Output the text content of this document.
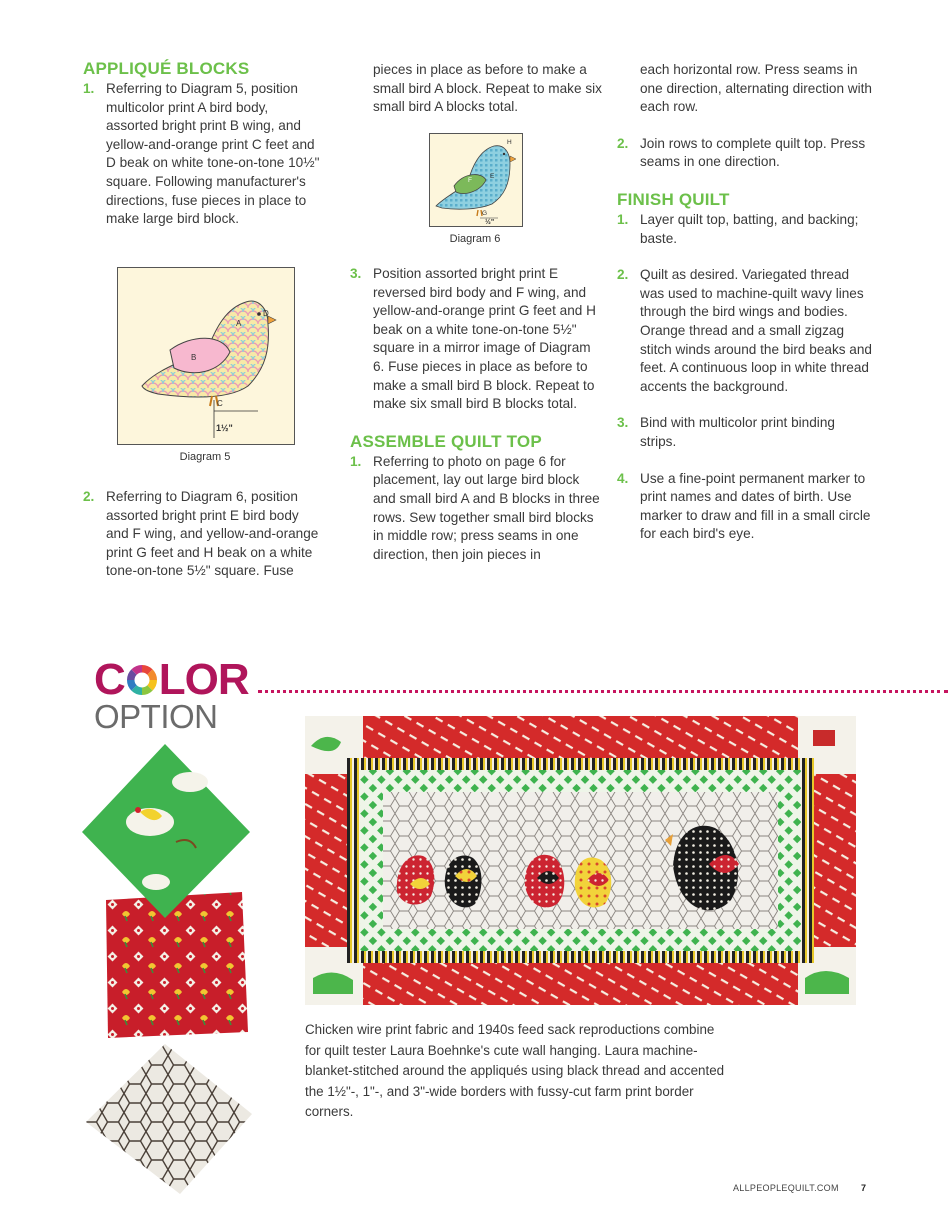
APPLIQUÉ BLOCKS
1. Referring to Diagram 5, position multicolor print A bird body, assorted bright print B wing, and yellow-and-orange print C feet and D beak on white tone-on-tone 10½" square. Following manufacturer's directions, fuse pieces in place to make large bird block.
A
B
C
D
1½"
Diagram 5
2. Referring to Diagram 6, position assorted bright print E bird body and F wing, and yellow-and-orange print G feet and H beak on a white tone-on-tone 5½" square. Fuse
pieces in place as before to make a small bird A block. Repeat to make six small bird A blocks total.
F
E
G
H
½"
Diagram 6
3. Position assorted bright print E reversed bird body and F wing, and yellow-and-orange print G feet and H beak on a white tone-on-tone 5½" square in a mirror image of Diagram 6. Fuse pieces in place as before to make a small bird B block. Repeat to make six small bird B blocks total.
ASSEMBLE QUILT TOP
1. Referring to photo on page 6 for placement, lay out large bird block and small bird A and B blocks in three rows. Sew together small bird blocks in middle row; press seams in one direction, then join pieces in
each horizontal row. Press seams in one direction, alternating direction with each row.
2. Join rows to complete quilt top. Press seams in one direction.
FINISH QUILT
1. Layer quilt top, batting, and backing; baste.
2. Quilt as desired. Variegated thread was used to machine-quilt wavy lines through the bird wings and bodies. Orange thread and a small zigzag stitch winds around the bird beaks and feet. A continuous loop in white thread accents the background.
3. Bind with multicolor print binding strips.
4. Use a fine-point permanent marker to print names and dates of birth. Use marker to draw and fill in a small circle for each bird's eye.
C LOR
OPTION
Chicken wire print fabric and 1940s feed sack reproductions combine for quilt tester Laura Boehnke's cute wall hanging. Laura machine-blanket-stitched around the appliqués using black thread and accented the 1½"-, 1"-, and 3"-wide borders with fussy-cut farm print border corners.
ALLPEOPLEQUILT.COM 7
